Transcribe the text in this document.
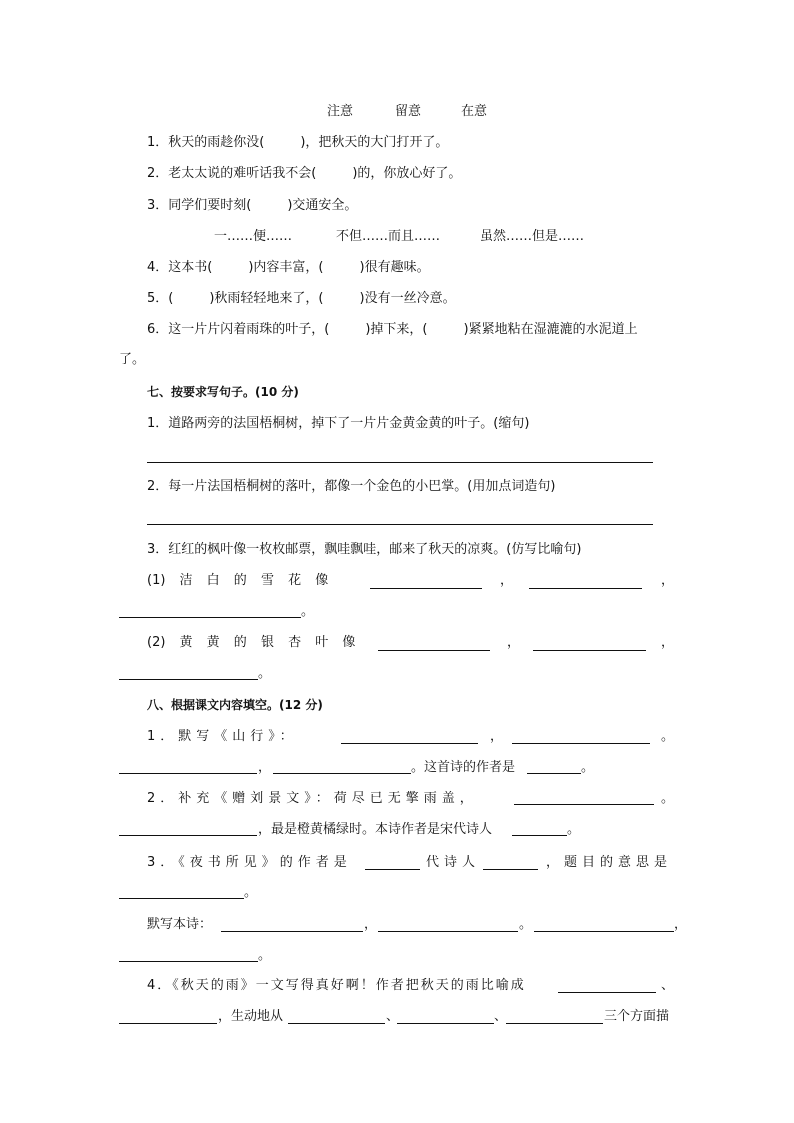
注意	留意	在意
1．秋天的雨趁你没(	)，把秋天的大门打开了。
2．老太太说的难听话我不会(	)的，你放心好了。
3．同学们要时刻(	)交通安全。
一……便……	不但……而且……	虽然……但是……
4．这本书(	)内容丰富，(	)很有趣味。
5．(	)秋雨轻轻地来了，(	)没有一丝冷意。
6．这一片片闪着雨珠的叶子，(	)掉下来，(	)紧紧地粘在湿漉漉的水泥道上
了。
七、按要求写句子。(10 分)
1．道路两旁的法国梧桐树，掉下了一片片金黄金黄的叶子。(缩句)
2．每一片法国梧桐树的落叶，都像一个金色的小巴掌。(用加点词造句)
3．红红的枫叶像一枚枚邮票，飘哇飘哇，邮来了秋天的凉爽。(仿写比喻句)
(1) 洁 白 的 雪 花 像	，	，
。
(2) 黄 黄 的 银 杏 叶 像	，	，
。
八、根据课文内容填空。(12 分)
1．默写《山行》：	，	。
，	。这首诗的作者是	。
2．补充《赠刘景文》：荷尽已无擎雨盖，	。
，最是橙黄橘绿时。本诗作者是宋代诗人	。
3．《夜书所见》的作者是	代诗人	，题目的意思是
。
默写本诗：	，	。	，
。
4．《秋天的雨》一文写得真好啊！作者把秋天的雨比喻成	、
，生动地从	、	、	三个方面描
